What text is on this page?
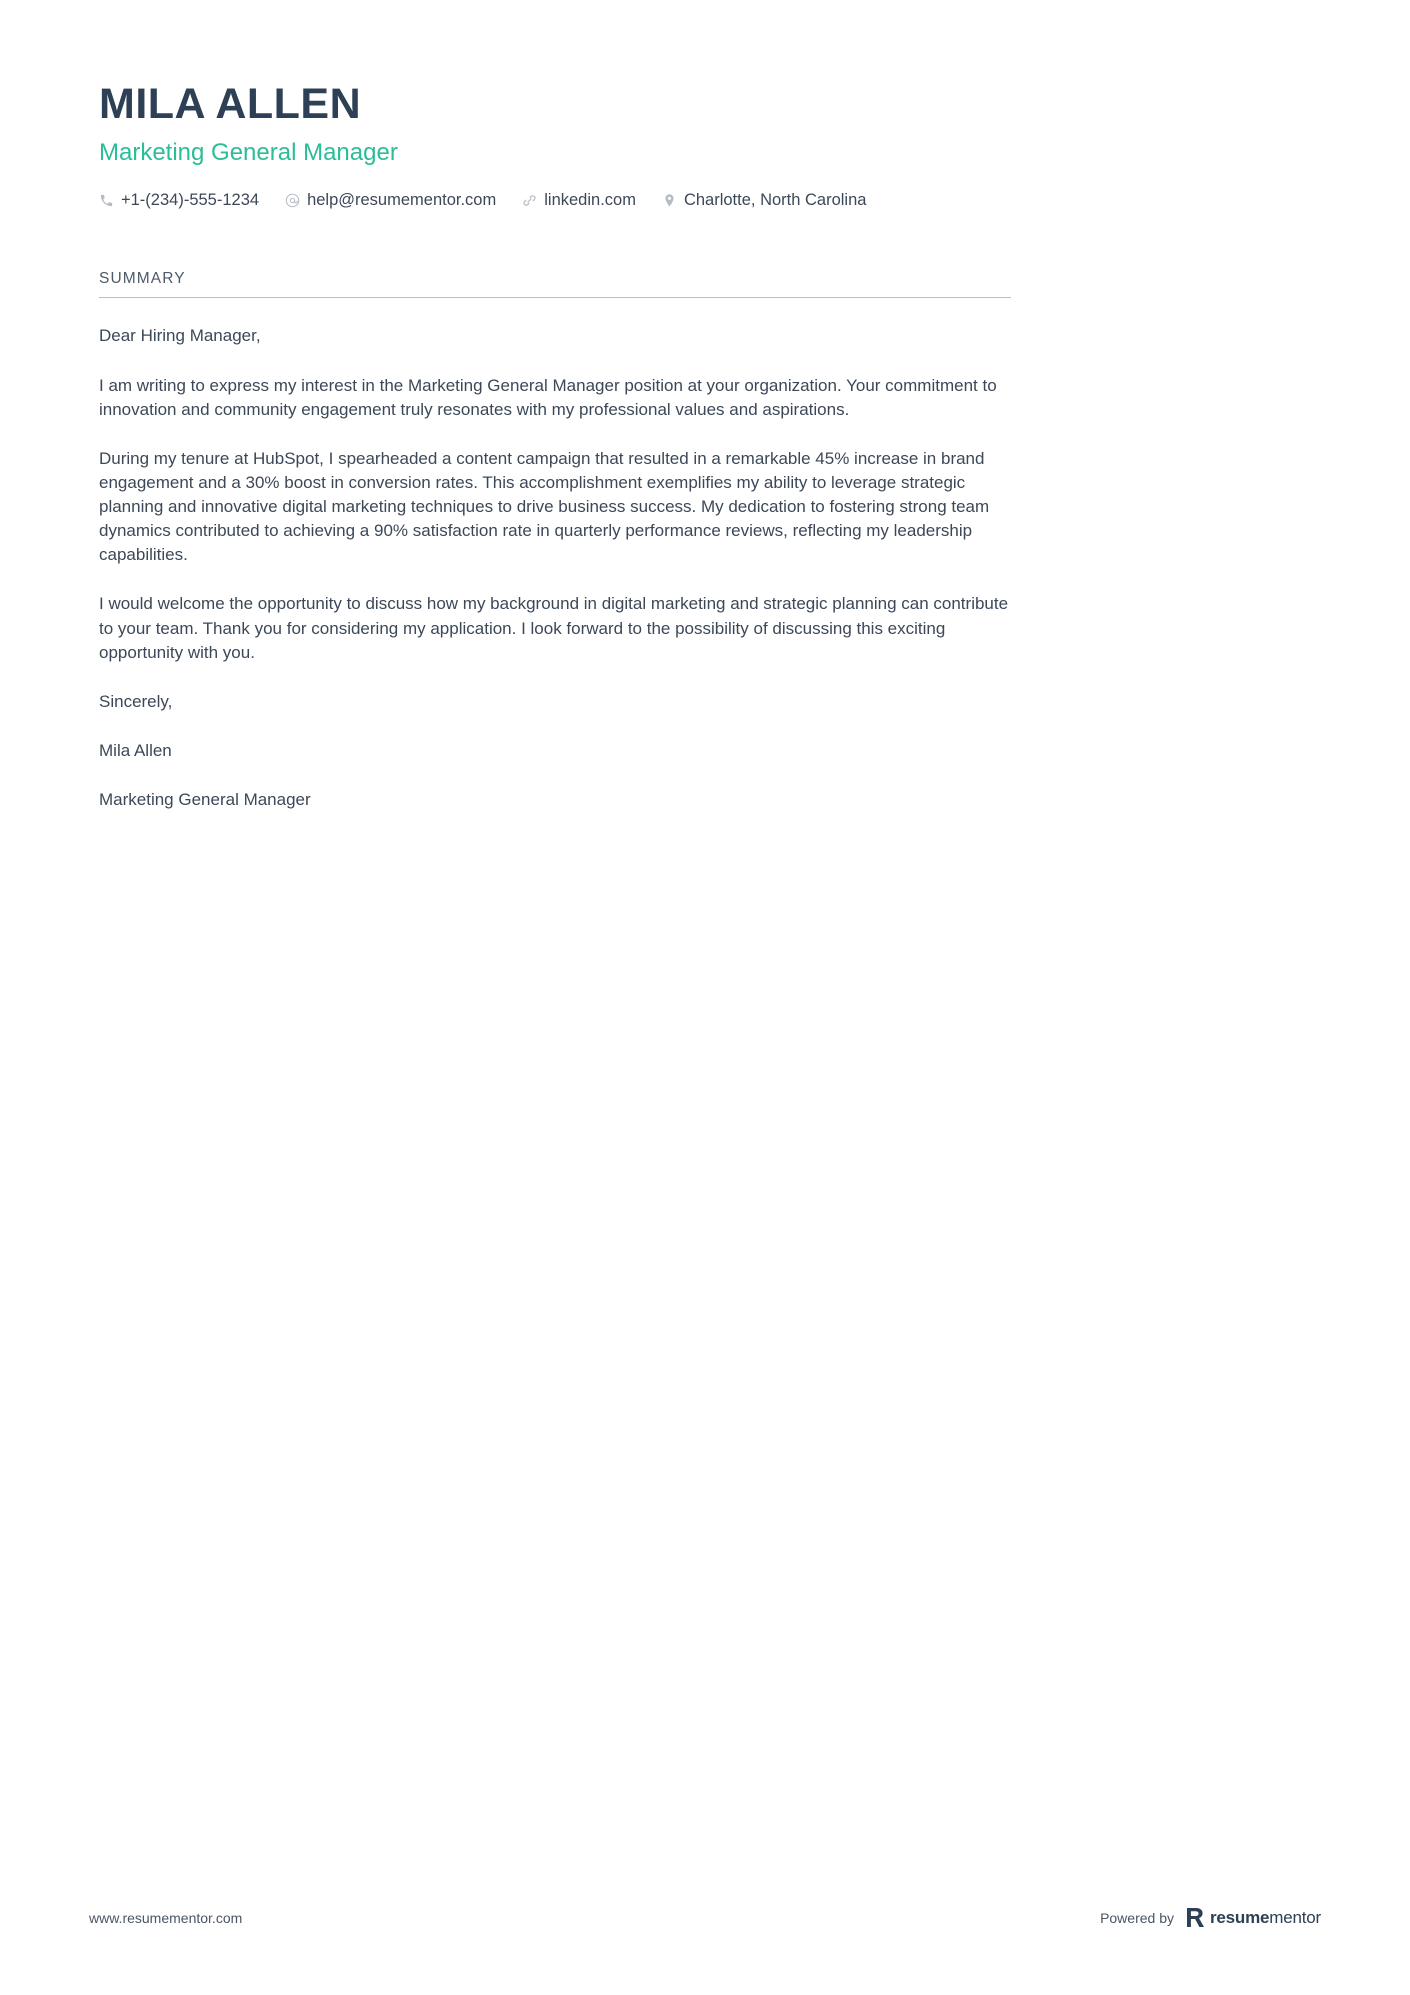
MILA ALLEN
Marketing General Manager
+1-(234)-555-1234	help@resumementor.com	linkedin.com	Charlotte, North Carolina
SUMMARY

Dear Hiring Manager,

I am writing to express my interest in the Marketing General Manager position at your organization. Your commitment to innovation and community engagement truly resonates with my professional values and aspirations.

During my tenure at HubSpot, I spearheaded a content campaign that resulted in a remarkable 45% increase in brand engagement and a 30% boost in conversion rates. This accomplishment exemplifies my ability to leverage strategic planning and innovative digital marketing techniques to drive business success. My dedication to fostering strong team dynamics contributed to achieving a 90% satisfaction rate in quarterly performance reviews, reflecting my leadership capabilities.

I would welcome the opportunity to discuss how my background in digital marketing and strategic planning can contribute to your team. Thank you for considering my application. I look forward to the possibility of discussing this exciting opportunity with you.

Sincerely,

Mila Allen

Marketing General Manager

www.resumementor.com	Powered by resumementor
